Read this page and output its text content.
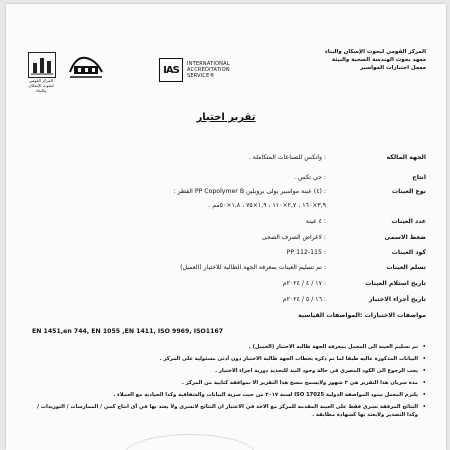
المركز القومي لبحوث الإسكان والبناء
IAS
INTERNATIONAL
ACCREDITATION
SERVICE®
المركز القومي لبحوث الإسكان والبناء
معهد بحوث الهندسة الصحية والبيئة
معمل اختبارات المواسير
تقرير اختبار
الجهة المالكة
: واتكس للصناعات المتكاملة .
انتاج
: جي تكس .
نوع العينات
: (٤) عينة مواسير بولى بروبلين PP Copolymer B القطر :
٣,٩×١٦٠ ، ٢,٧×١١٠ ، ١,٩×٧٥ ، ١,٨×٥٠مم .
عدد العينات
: ٤ عينة
ضغط الاسمى
: لاغراض الصرف الصحى
كود العينات
: PP 112-115
تسلم العينات
: تم تسليم العينات بمعرفة الجهة الطالبة للاختبار (العميل)
تاريخ استلام العينات
: ١٧ / ٤ / ٢٠٢٤م
تاريخ أجراء الاختبار
: ١٦ / ٥ / ٢٠٢٤م
مواصفات الاختبارات :المواصفات القياسية
EN 1451,en 744, EN 1055 ,EN 1411, ISO 9969, ISO1167
• تم تسليم العينة الى المعمل بمعرفة الجهة طالبة الاختبار (العميل) .
• البيانات المذكورة عاليه طبقا لما تم ذكره بخطاب الجهة طالبة الاختبار دون أدنى مسئولية على المركز .
• يجب الرجوع الى الكود المصري في حالة وجود البند للتحديد دورية اجراء الاختبار .
• مدة سريان هذا التقرير هي ٣ شهور ولايسمح بنسخ هذا التقرير الا بموافقة كتابية من المركز .
• يلتزم المعمل ببنود المواصفة الدولية ISO 17025 لسنة ٢٠١٧ من حيث سرية البيانات والشفافية وكذا الحيادية مع العملاء .
• النتائج المرفقة تسرى فقط على العينة المقدمة للمركز مع الاخذ في الاعتبار ان النتائج لاتسرى ولا يعتد بها في أى انتاج كمي / الممارسات / التوريدات / وكذا التصدير ولايعتد بها كشهادة مطابقة .
